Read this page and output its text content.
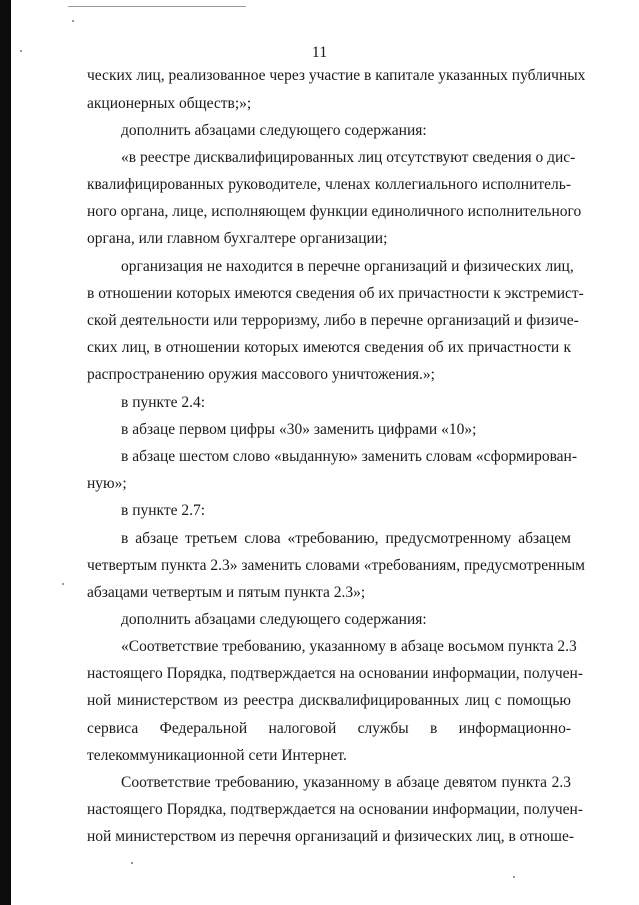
11
ческих лиц, реализованное через участие в капитале указанных публичных
акционерных обществ;»;
дополнить абзацами следующего содержания:
«в реестре дисквалифицированных лиц отсутствуют сведения о дис-
квалифицированных руководителе, членах коллегиального исполнитель-
ного органа, лице, исполняющем функции единоличного исполнительного
органа, или главном бухгалтере организации;
организация не находится в перечне организаций и физических лиц,
в отношении которых имеются сведения об их причастности к экстремист-
ской деятельности или терроризму, либо в перечне организаций и физиче-
ских лиц, в отношении которых имеются сведения об их причастности к
распространению оружия массового уничтожения.»;
в пункте 2.4:
в абзаце первом цифры «30» заменить цифрами «10»;
в абзаце шестом слово «выданную» заменить словам «сформирован-
ную»;
в пункте 2.7:
в абзаце третьем слова «требованию, предусмотренному абзацем
четвертым пункта 2.3» заменить словами «требованиям, предусмотренным
абзацами четвертым и пятым пункта 2.3»;
дополнить абзацами следующего содержания:
«Соответствие требованию, указанному в абзаце восьмом пункта 2.3
настоящего Порядка, подтверждается на основании информации, получен-
ной министерством из реестра дисквалифицированных лиц с помощью
сервиса Федеральной налоговой службы в информационно-
телекоммуникационной сети Интернет.
Соответствие требованию, указанному в абзаце девятом пункта 2.3
настоящего Порядка, подтверждается на основании информации, получен-
ной министерством из перечня организаций и физических лиц, в отноше-
